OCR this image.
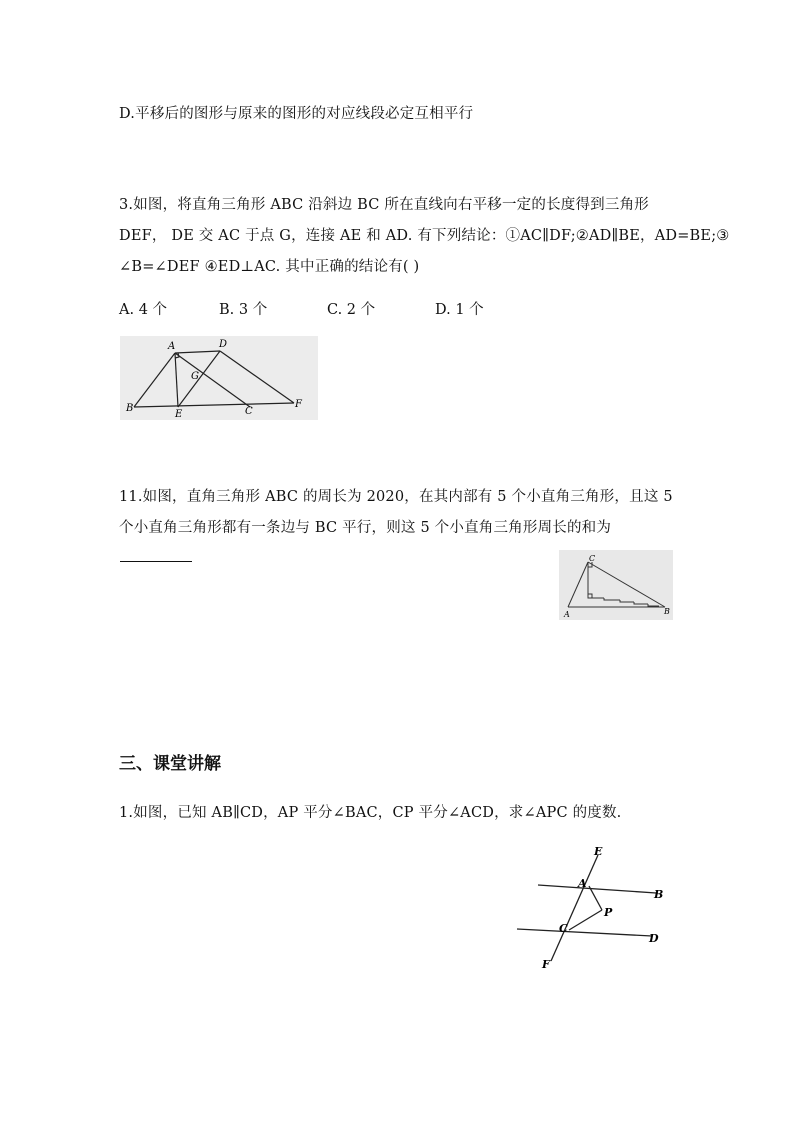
D.平移后的图形与原来的图形的对应线段必定互相平行
3.如图，将直角三角形 ABC 沿斜边 BC 所在直线向右平移一定的长度得到三角形
DEF， DE 交 AC 于点 G，连接 AE 和 AD. 有下列结论：①AC∥DF;②AD∥BE，AD=BE;③
∠B=∠DEF ④ED⊥AC. 其中正确的结论有( )
A. 4 个	B. 3 个	C. 2 个	D. 1 个
A	D
G
B
E	C
F
11.如图，直角三角形 ABC 的周长为 2020，在其内部有 5 个小直角三角形，且这 5
个小直角三角形都有一条边与 BC 平行，则这 5 个小直角三角形周长的和为
C
A	B
三、课堂讲解
1.如图，已知 AB∥CD，AP 平分∠BAC，CP 平分∠ACD，求∠APC 的度数.
E
A
B
P
C
D
F
